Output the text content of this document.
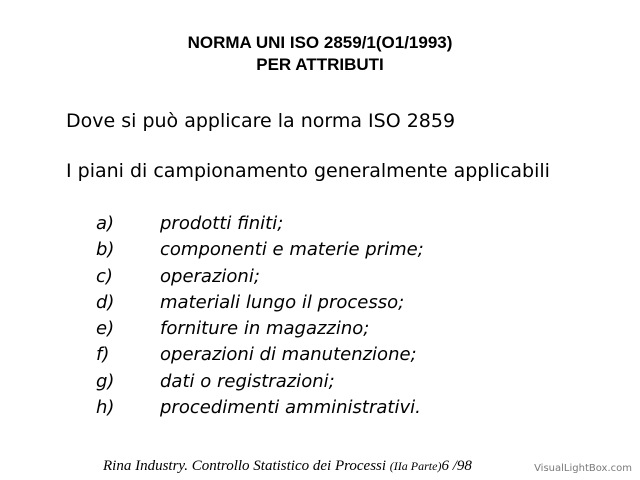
NORMA UNI ISO 2859/1(O1/1993)
PER ATTRIBUTI
Dove si può applicare la norma ISO 2859
I piani di campionamento generalmente applicabili
a)	prodotti finiti;
b)	componenti e materie prime;
c)	operazioni;
d)	materiali lungo il processo;
e)	forniture in magazzino;
f)	operazioni di manutenzione;
g)	dati o registrazioni;
h)	procedimenti amministrativi.
Rina Industry. Controllo Statistico dei Processi (IIa Parte)6 /98	VisualLightBox.com
